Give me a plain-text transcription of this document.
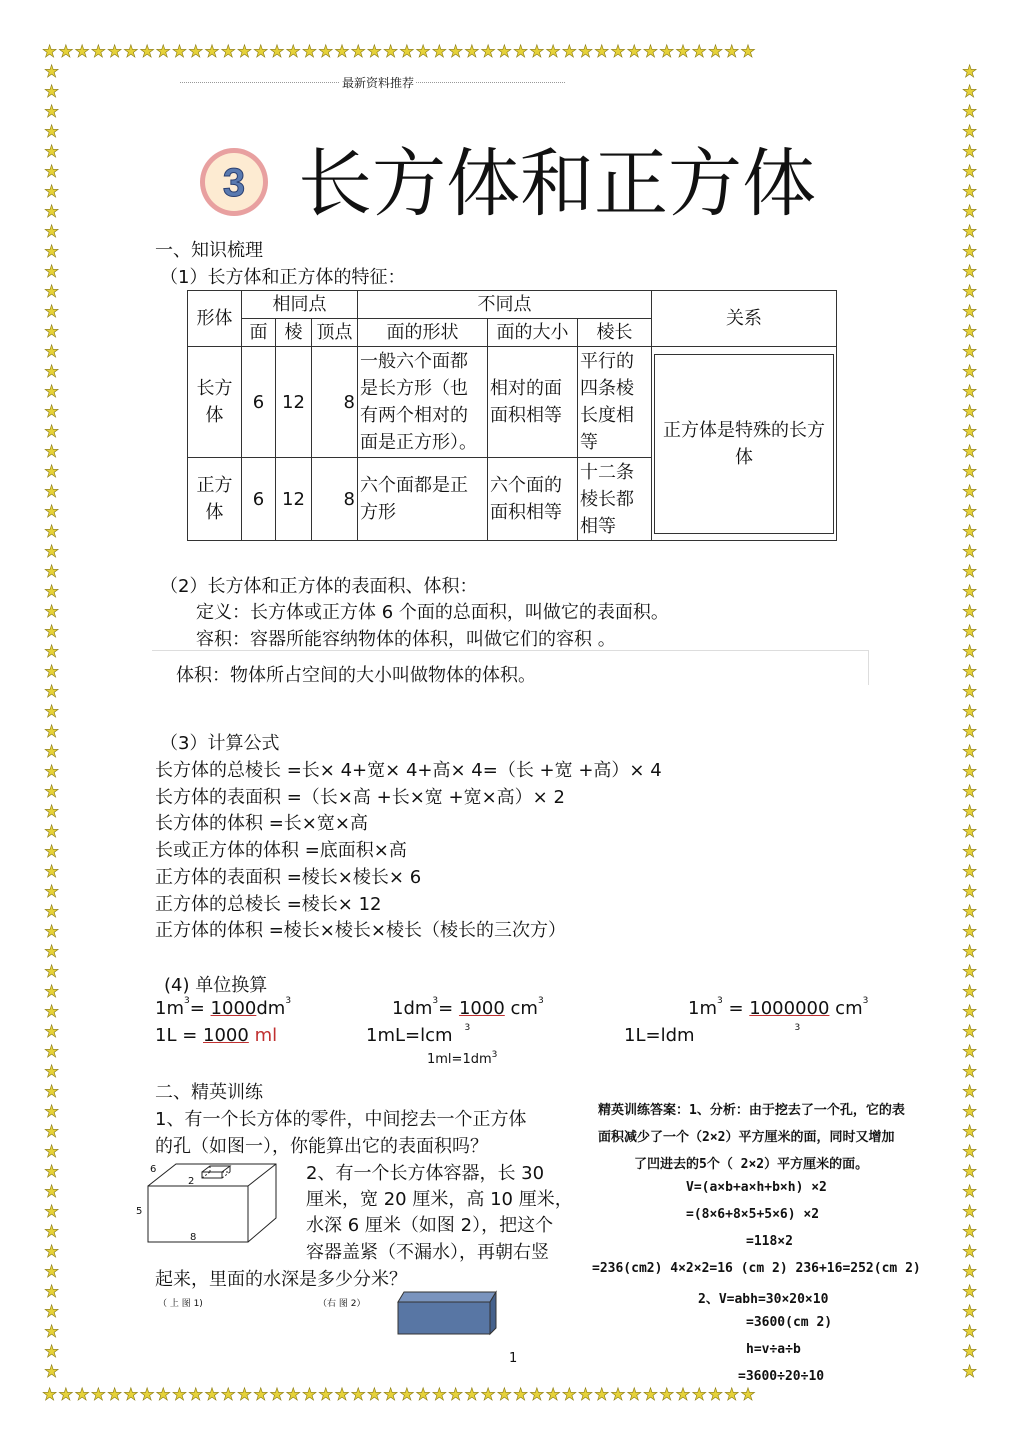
★★★★★★★★★★★★★★★★★★★★★★★★★★★★★★★★★★★★★★★★★★★★
★★★★★★★★★★★★★★★★★★★★★★★★★★★★★★★★★★★★★★★★★★★★
★
★
★
★
★
★
★
★
★
★
★
★
★
★
★
★
★
★
★
★
★
★
★
★
★
★
★
★
★
★
★
★
★
★
★
★
★
★
★
★
★
★
★
★
★
★
★
★
★
★
★
★
★
★
★
★
★
★
★
★
★
★
★
★
★
★
★
★
★
★
★
★
★
★
★
★
★
★
★
★
★
★
★
★
★
★
★
★
★
★
★
★
★
★
★
★
★
★
★
★
★
★
★
★
★
★
★
★
★
★
★
★
★
★
★
★
★
★
★
★
★
★
★
★
★
★
★
★
★
★
★
★
最新资料推荐
3 长方体和正方体
一、知识梳理
（1）长方体和正方体的特征：
形体	相同点			不同点			关系
	面	棱	顶点	面的形状	面的大小	棱长	
长方体	6	12	8	一般六个面都是长方形（也有两个相对的面是正方形）。	相对的面面积相等	平行的四条棱长度相等	正方体是特殊的长方体

正方体	6	12	8	六个面都是正方形	六个面的面积相等	十二条棱长都相等	
（2）长方体和正方体的表面积、体积：
定义：长方体或正方体 6 个面的总面积，叫做它的表面积。
容积：容器所能容纳物体的体积，叫做它们的容积 。
体积：物体所占空间的大小叫做物体的体积。
（3）计算公式
长方体的总棱长 =长× 4+宽× 4+高× 4=（长 +宽 +高）× 4
长方体的表面积 =（长×高 +长×宽 +宽×高）× 2
长方体的体积 =长×宽×高
长或正方体的体积 =底面积×高
正方体的表面积 =棱长×棱长× 6
正方体的总棱长 =棱长× 12
正方体的体积 =棱长×棱长×棱长（棱长的三次方）
(4) 单位换算
$1m^3= 1000dm^3$	$1dm^3= 1000$ $cm^3$	$1m^3 = 1000000$ $cm^3$
1L = 1000 ml	1mL=lcm $^3$	1L=ldm	$^3$
$1ml=1dm^3$
二、精英训练
1、有一个长方体的零件，中间挖去一个正方体
的孔（如图一），你能算出它的表面积吗？
6
2
5
8
2、有一个长方体容器，长 30
厘米，宽 20 厘米，高 10 厘米，
水深 6 厘米（如图 2），把这个
容器盖紧（不漏水），再朝右竖
起来，里面的水深是多少分米？
（ 上 图 1)	（右 图 2）
精英训练答案：1、分析：由于挖去了一个孔，它的表
面积减少了一个（2×2）平方厘米的面，同时又增加
了凹进去的5个（ 2×2）平方厘米的面。
V=(a×b+a×h+b×h) ×2
=(8×6+8×5+5×6) ×2
=118×2
=236(cm2) 4×2×2=16 (cm 2) 236+16=252(cm 2)
2、V=abh=30×20×10
=3600(cm 2)
h=v÷a÷b
=3600÷20÷10
1
